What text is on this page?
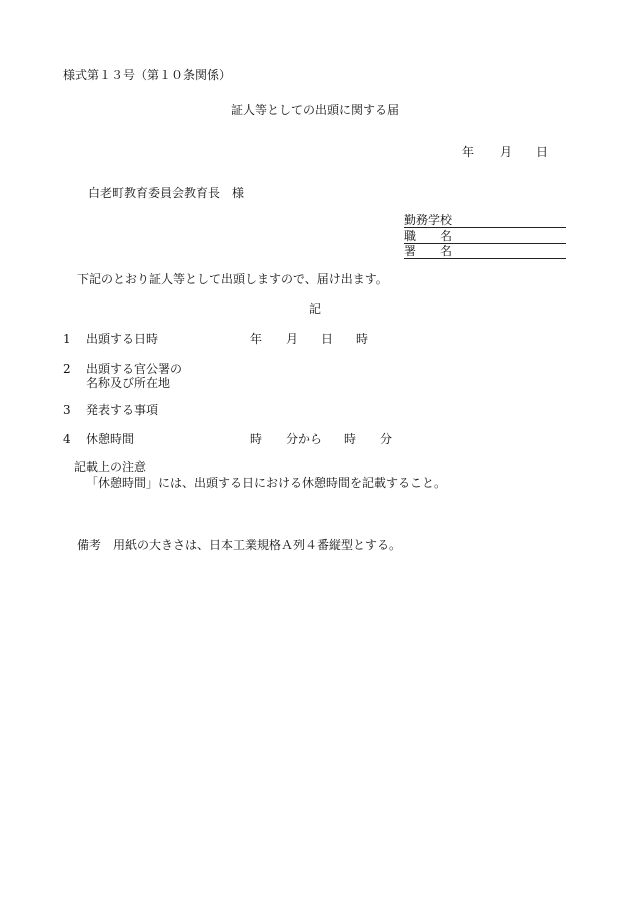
様式第１３号（第１０条関係）
証人等としての出頭に関する届
年 月 日
白老町教育委員会教育長　様
勤務学校
職　　名
署　　名
下記のとおり証人等として出頭しますので、届け出ます。
記
1 出頭する日時	年 月 日 時
2 出頭する官公署の
名称及び所在地
3 発表する事項
4 休憩時間	時 分から 時 分
記載上の注意
「休憩時間」には、出頭する日における休憩時間を記載すること。
備考　用紙の大きさは、日本工業規格Ａ列４番縦型とする。
